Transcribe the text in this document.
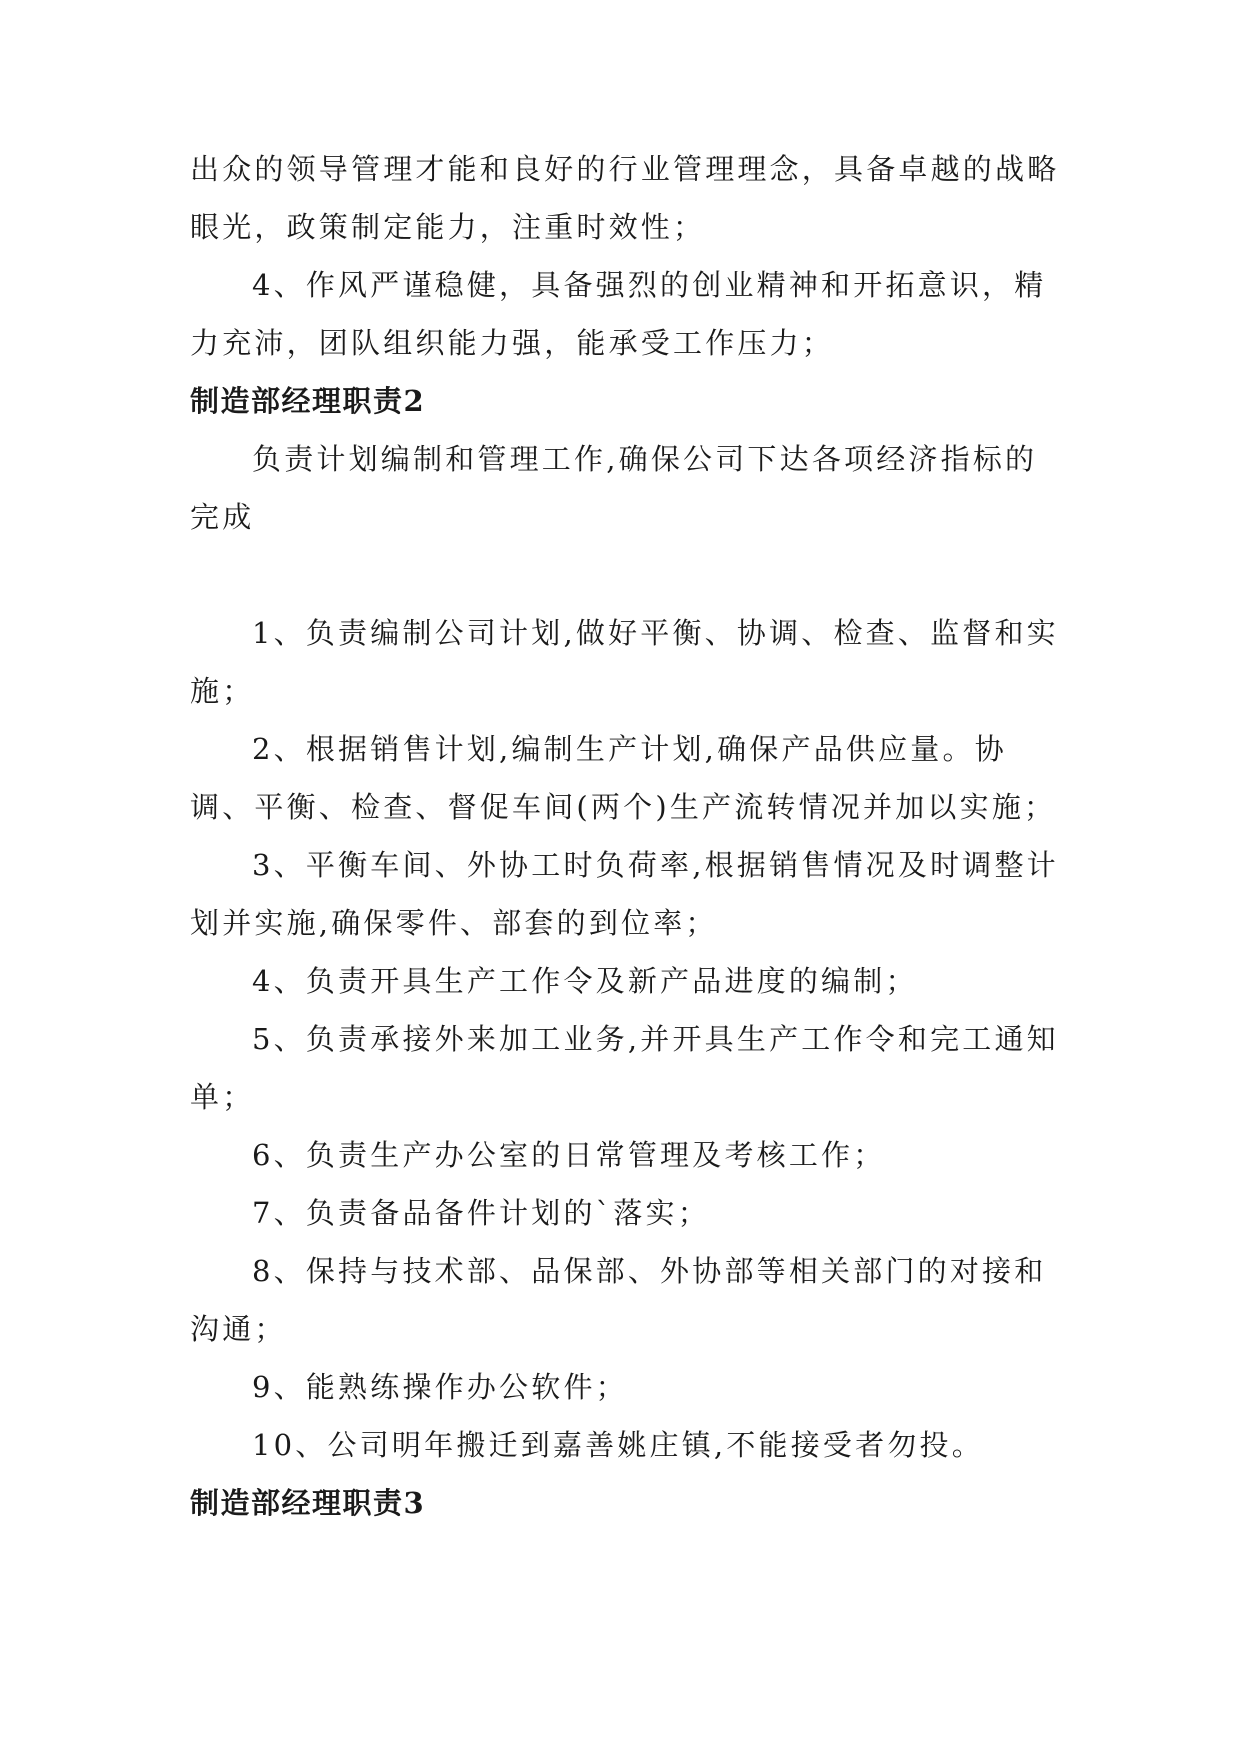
出众的领导管理才能和良好的行业管理理念，具备卓越的战略眼光，政策制定能力，注重时效性；

4、作风严谨稳健，具备强烈的创业精神和开拓意识，精力充沛，团队组织能力强，能承受工作压力；

制造部经理职责2

负责计划编制和管理工作,确保公司下达各项经济指标的完成

1、负责编制公司计划,做好平衡、协调、检查、监督和实施；

2、根据销售计划,编制生产计划,确保产品供应量。协调、平衡、检查、督促车间(两个)生产流转情况并加以实施；

3、平衡车间、外协工时负荷率,根据销售情况及时调整计划并实施,确保零件、部套的到位率；

4、负责开具生产工作令及新产品进度的编制；

5、负责承接外来加工业务,并开具生产工作令和完工通知单；

6、负责生产办公室的日常管理及考核工作；

7、负责备品备件计划的`落实；

8、保持与技术部、品保部、外协部等相关部门的对接和沟通；

9、能熟练操作办公软件；

10、公司明年搬迁到嘉善姚庄镇,不能接受者勿投。

制造部经理职责3
